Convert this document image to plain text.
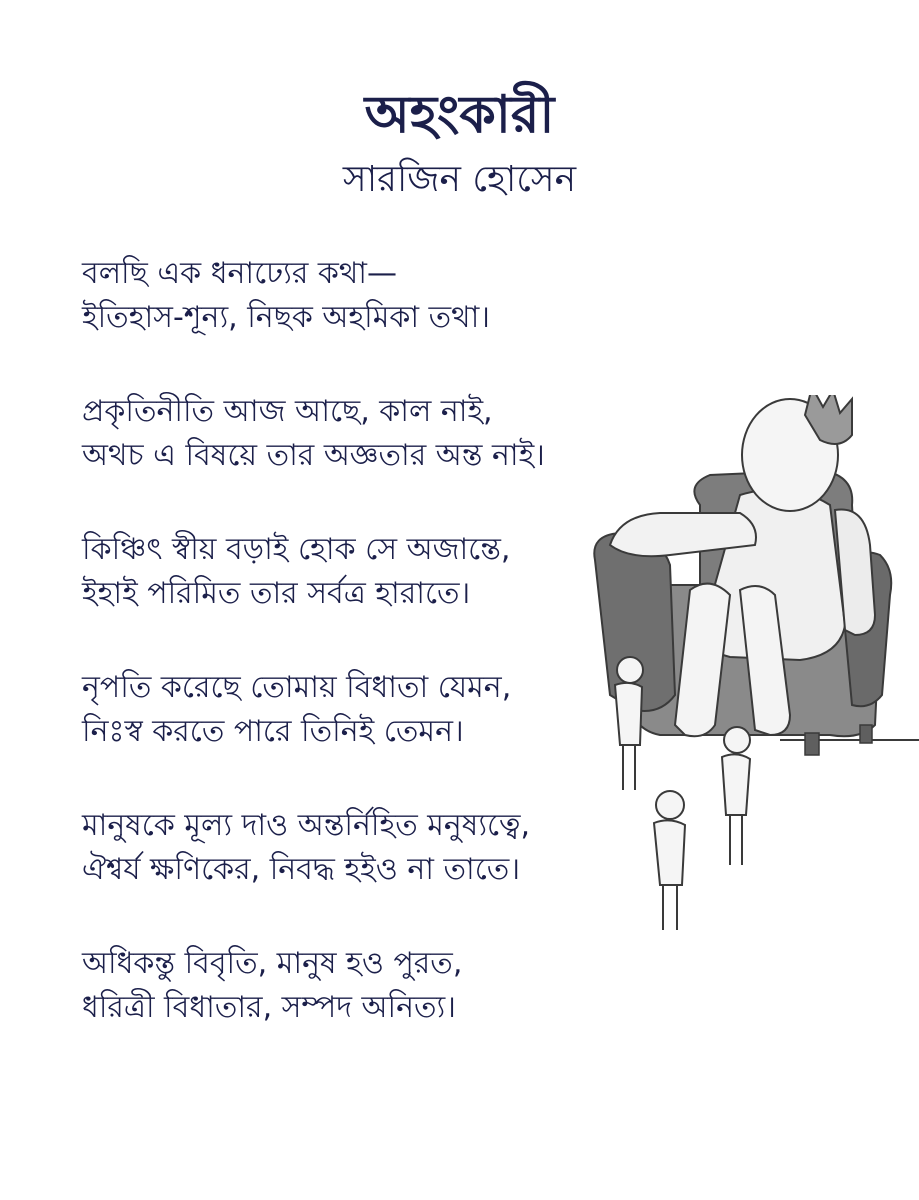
অহংকারী
সারজিন হোসেন
বলছি এক ধনাঢ্যের কথা—
ইতিহাস-শূন্য, নিছক অহমিকা তথা।
প্রকৃতিনীতি আজ আছে, কাল নাই,
অথচ এ বিষয়ে তার অজ্ঞতার অন্ত নাই।
কিঞ্চিৎ স্বীয় বড়াই হোক সে অজান্তে,
ইহাই পরিমিত তার সর্বত্র হারাতে।
নৃপতি করেছে তোমায় বিধাতা যেমন,
নিঃস্ব করতে পারে তিনিই তেমন।
মানুষকে মূল্য দাও অন্তর্নিহিত মনুষ্যত্বে,
ঐশ্বর্য ক্ষণিকের, নিবদ্ধ হইও না তাতে।
অধিকন্তু বিবৃতি, মানুষ হও পুরত,
ধরিত্রী বিধাতার, সম্পদ অনিত্য।
